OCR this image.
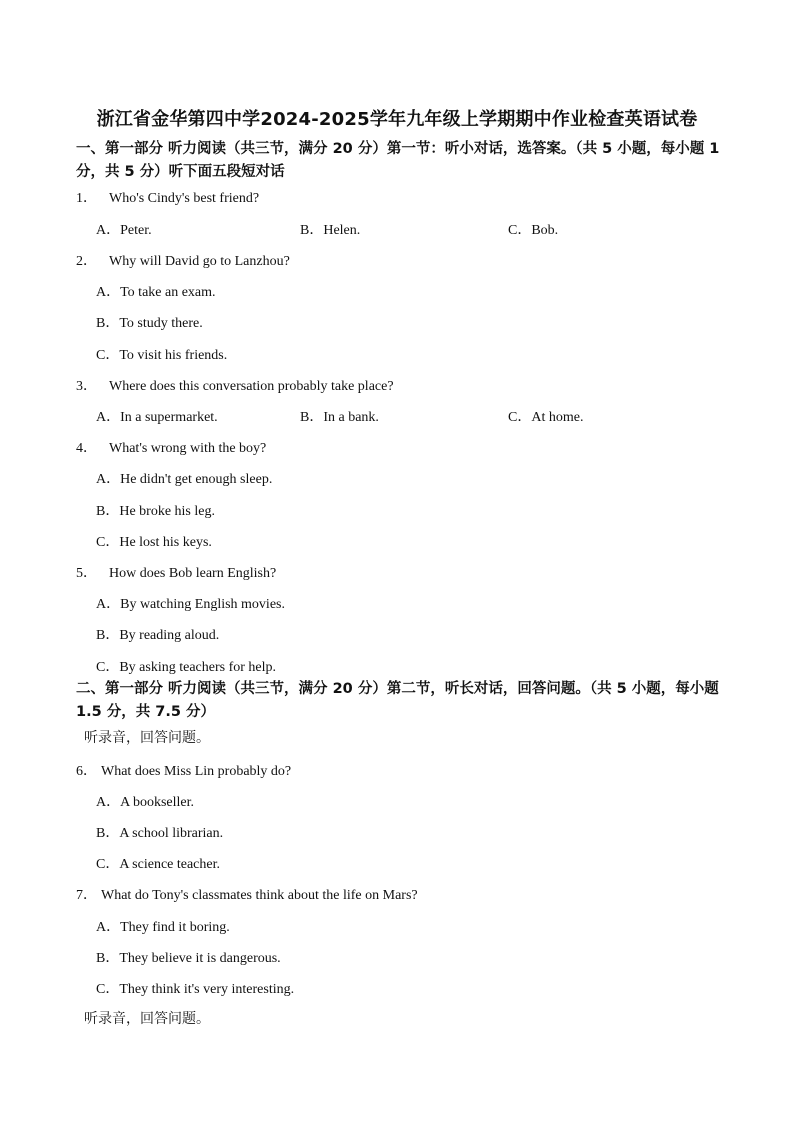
浙江省金华第四中学2024-2025学年九年级上学期期中作业检查英语试卷
一、第一部分 听力阅读（共三节，满分 20 分）第一节：听小对话，选答案。（共 5 小题，每小题 1 分，共 5 分）听下面五段短对话
1． Who's Cindy's best friend?
A．Peter.	B．Helen.	C．Bob.
2． Why will David go to Lanzhou?
A．To take an exam.
B．To study there.
C．To visit his friends.
3． Where does this conversation probably take place?
A．In a supermarket.	B．In a bank.	C．At home.
4． What's wrong with the boy?
A．He didn't get enough sleep.
B．He broke his leg.
C．He lost his keys.
5． How does Bob learn English?
A．By watching English movies.
B．By reading aloud.
C．By asking teachers for help.
二、第一部分 听力阅读（共三节，满分 20 分）第二节，听长对话，回答问题。（共 5 小题，每小题 1.5 分，共 7.5 分）
听录音，回答问题。
6． What does Miss Lin probably do?
A．A bookseller.
B．A school librarian.
C．A science teacher.
7． What do Tony's classmates think about the life on Mars?
A．They find it boring.
B．They believe it is dangerous.
C．They think it's very interesting.
听录音，回答问题。
